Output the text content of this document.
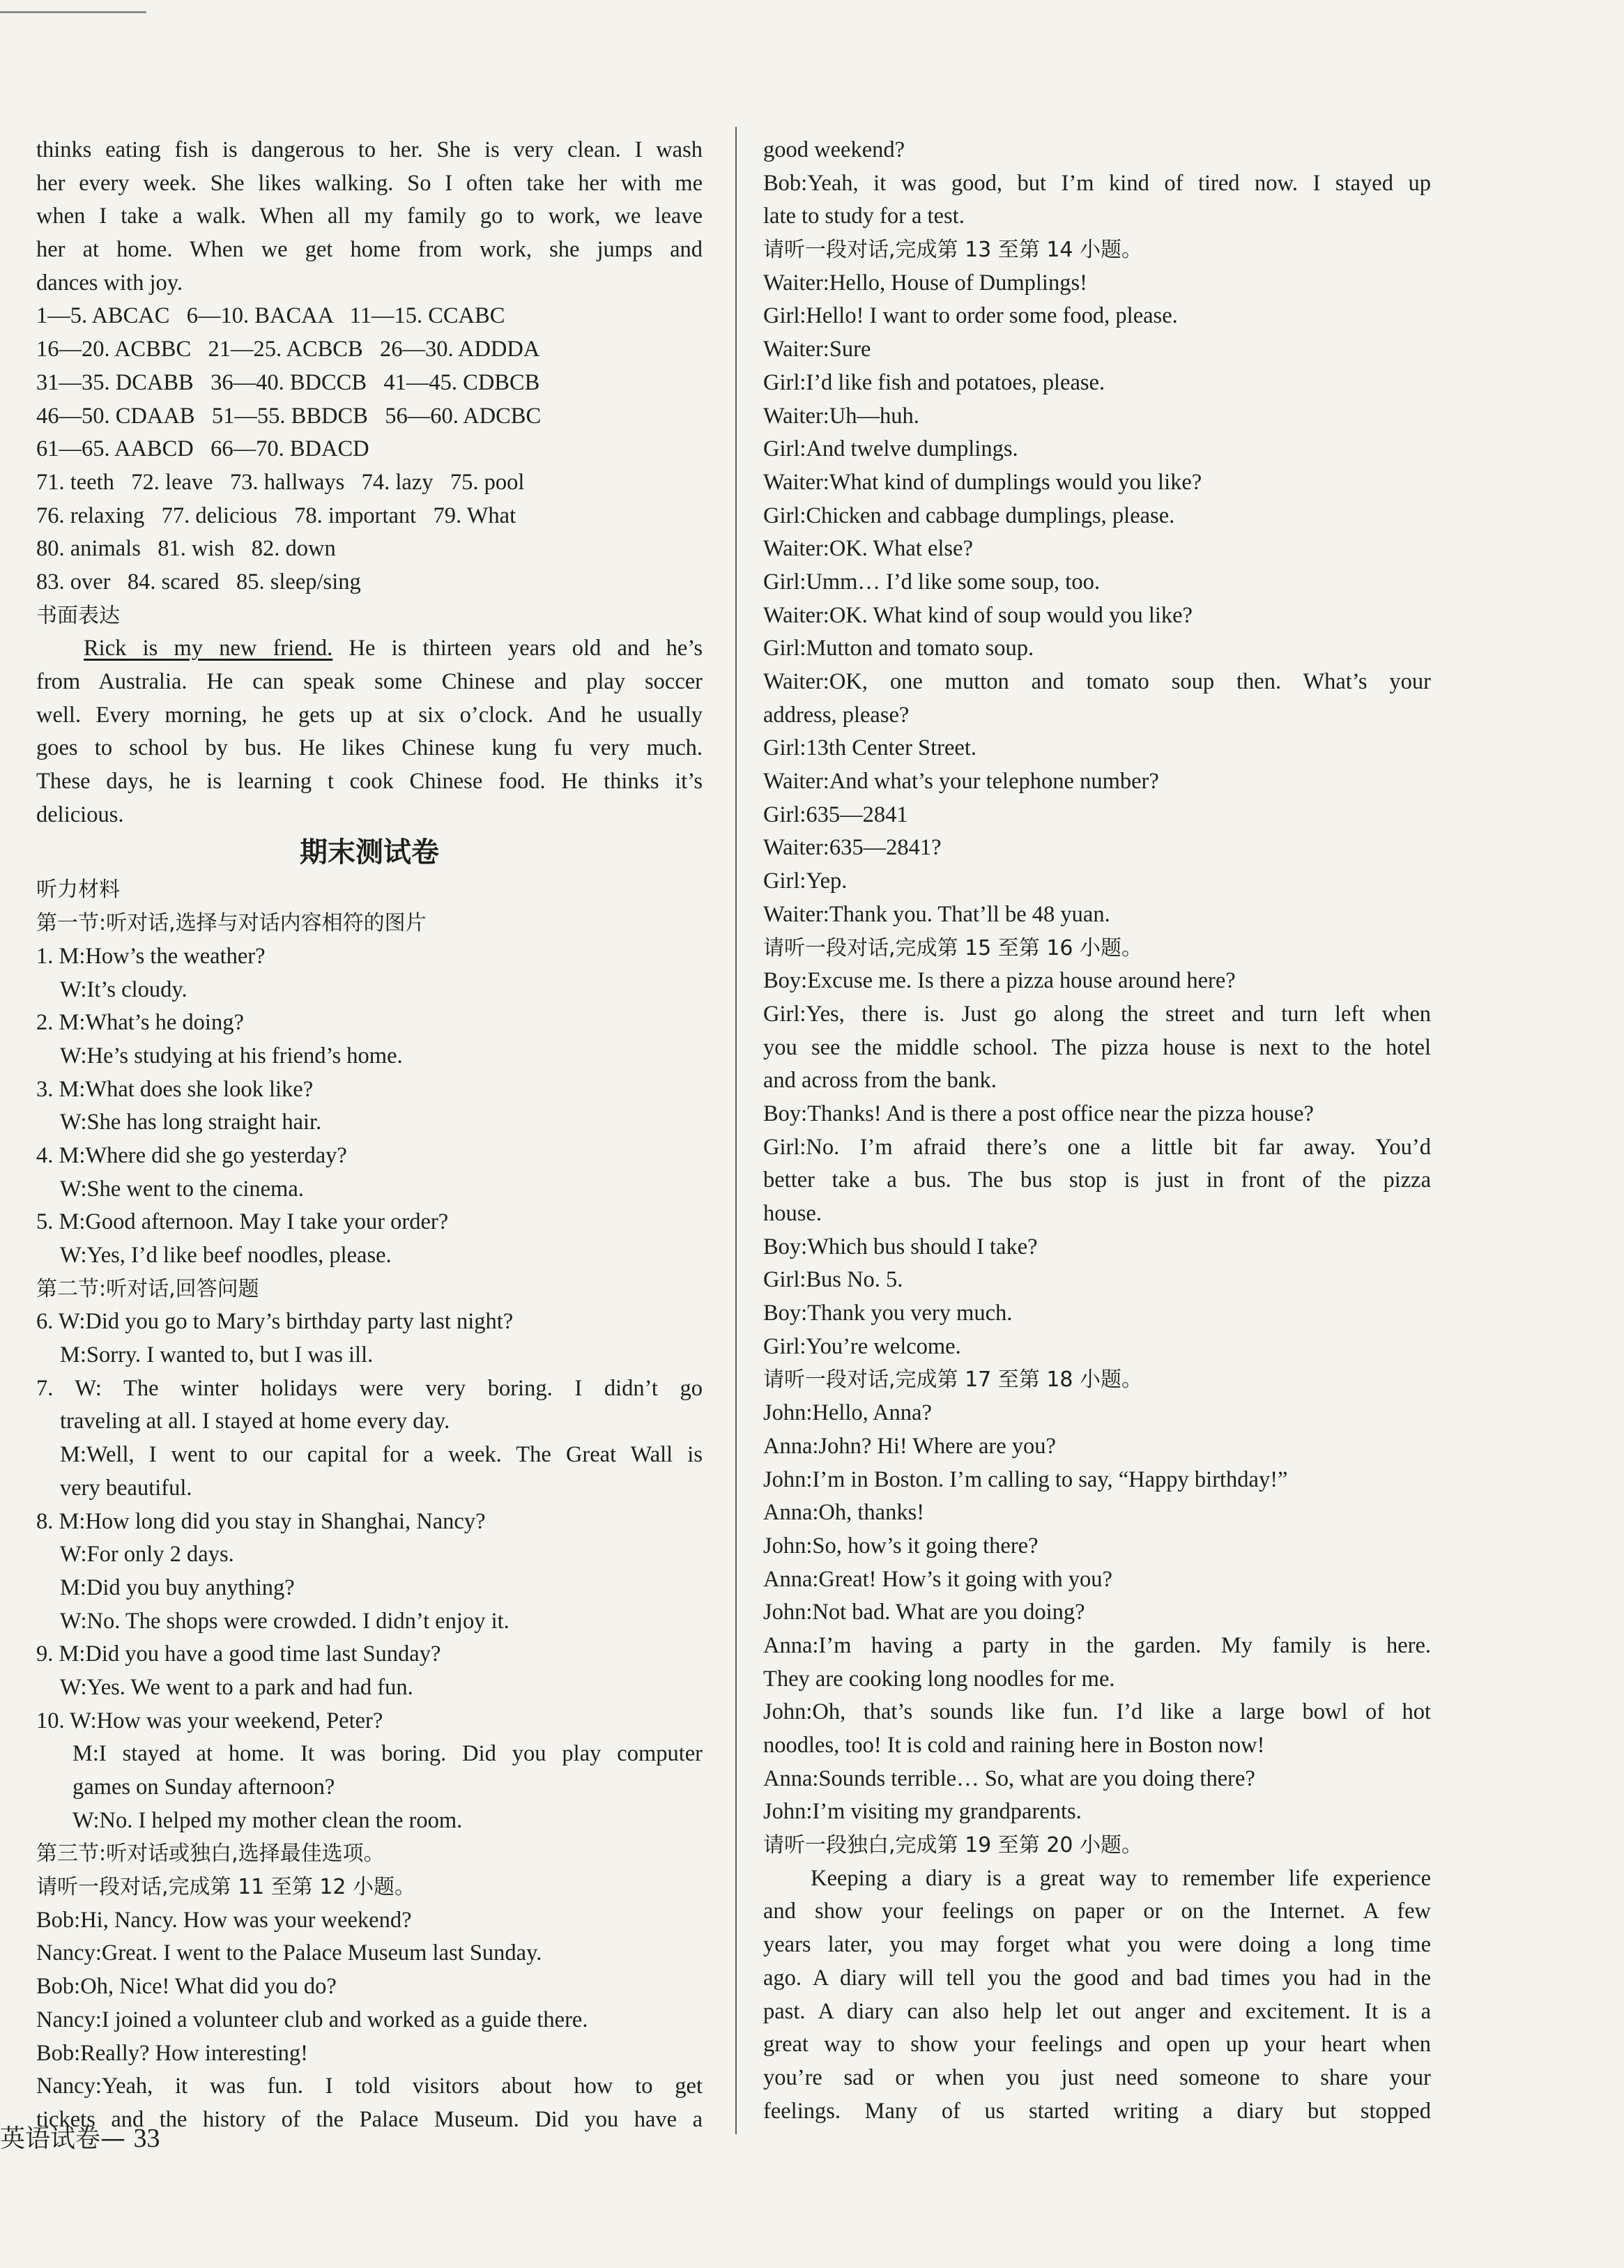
thinks eating fish is dangerous to her. She is very clean. I wash
her every week. She likes walking. So I often take her with me
when I take a walk. When all my family go to work, we leave
her at home. When we get home from work, she jumps and
dances with joy.
1—5. ABCAC   6—10. BACAA   11—15. CCABC
16—20. ACBBC   21—25. ACBCB   26—30. ADDDA
31—35. DCABB   36—40. BDCCB   41—45. CDBCB
46—50. CDAAB   51—55. BBDCB   56—60. ADCBC
61—65. AABCD   66—70. BDACD
71. teeth   72. leave   73. hallways   74. lazy   75. pool
76. relaxing   77. delicious   78. important   79. What
80. animals   81. wish   82. down
83. over   84. scared   85. sleep/sing
书面表达
Rick is my new friend. He is thirteen years old and he’s
from Australia. He can speak some Chinese and play soccer
well. Every morning, he gets up at six o’clock. And he usually
goes to school by bus. He likes Chinese kung fu very much.
These days, he is learning t cook Chinese food. He thinks it’s
delicious.
期末测试卷
听力材料
第一节:听对话,选择与对话内容相符的图片
1. M:How’s the weather?
W:It’s cloudy.
2. M:What’s he doing?
W:He’s studying at his friend’s home.
3. M:What does she look like?
W:She has long straight hair.
4. M:Where did she go yesterday?
W:She went to the cinema.
5. M:Good afternoon. May I take your order?
W:Yes, I’d like beef noodles, please.
第二节:听对话,回答问题
6. W:Did you go to Mary’s birthday party last night?
M:Sorry. I wanted to, but I was ill.
7. W: The winter holidays were very boring. I didn’t go
traveling at all. I stayed at home every day.
M:Well, I went to our capital for a week. The Great Wall is
very beautiful.
8. M:How long did you stay in Shanghai, Nancy?
W:For only 2 days.
M:Did you buy anything?
W:No. The shops were crowded. I didn’t enjoy it.
9. M:Did you have a good time last Sunday?
W:Yes. We went to a park and had fun.
10. W:How was your weekend, Peter?
M:I stayed at home. It was boring. Did you play computer
games on Sunday afternoon?
W:No. I helped my mother clean the room.
第三节:听对话或独白,选择最佳选项。
请听一段对话,完成第 11 至第 12 小题。
Bob:Hi, Nancy. How was your weekend?
Nancy:Great. I went to the Palace Museum last Sunday.
Bob:Oh, Nice! What did you do?
Nancy:I joined a volunteer club and worked as a guide there.
Bob:Really? How interesting!
Nancy:Yeah, it was fun. I told visitors about how to get
tickets and the history of the Palace Museum. Did you have a
good weekend?
Bob:Yeah, it was good, but I’m kind of tired now. I stayed up
late to study for a test.
请听一段对话,完成第 13 至第 14 小题。
Waiter:Hello, House of Dumplings!
Girl:Hello! I want to order some food, please.
Waiter:Sure
Girl:I’d like fish and potatoes, please.
Waiter:Uh—huh.
Girl:And twelve dumplings.
Waiter:What kind of dumplings would you like?
Girl:Chicken and cabbage dumplings, please.
Waiter:OK. What else?
Girl:Umm… I’d like some soup, too.
Waiter:OK. What kind of soup would you like?
Girl:Mutton and tomato soup.
Waiter:OK, one mutton and tomato soup then. What’s your
address, please?
Girl:13th Center Street.
Waiter:And what’s your telephone number?
Girl:635—2841
Waiter:635—2841?
Girl:Yep.
Waiter:Thank you. That’ll be 48 yuan.
请听一段对话,完成第 15 至第 16 小题。
Boy:Excuse me. Is there a pizza house around here?
Girl:Yes, there is. Just go along the street and turn left when
you see the middle school. The pizza house is next to the hotel
and across from the bank.
Boy:Thanks! And is there a post office near the pizza house?
Girl:No. I’m afraid there’s one a little bit far away. You’d
better take a bus. The bus stop is just in front of the pizza
house.
Boy:Which bus should I take?
Girl:Bus No. 5.
Boy:Thank you very much.
Girl:You’re welcome.
请听一段对话,完成第 17 至第 18 小题。
John:Hello, Anna?
Anna:John? Hi! Where are you?
John:I’m in Boston. I’m calling to say, “Happy birthday!”
Anna:Oh, thanks!
John:So, how’s it going there?
Anna:Great! How’s it going with you?
John:Not bad. What are you doing?
Anna:I’m having a party in the garden. My family is here.
They are cooking long noodles for me.
John:Oh, that’s sounds like fun. I’d like a large bowl of hot
noodles, too! It is cold and raining here in Boston now!
Anna:Sounds terrible… So, what are you doing there?
John:I’m visiting my grandparents.
请听一段独白,完成第 19 至第 20 小题。
Keeping a diary is a great way to remember life experience
and show your feelings on paper or on the Internet. A few
years later, you may forget what you were doing a long time
ago. A diary will tell you the good and bad times you had in the
past. A diary can also help let out anger and excitement. It is a
great way to show your feelings and open up your heart when
you’re sad or when you just need someone to share your
feelings. Many of us started writing a diary but stopped
英语试卷— 33
